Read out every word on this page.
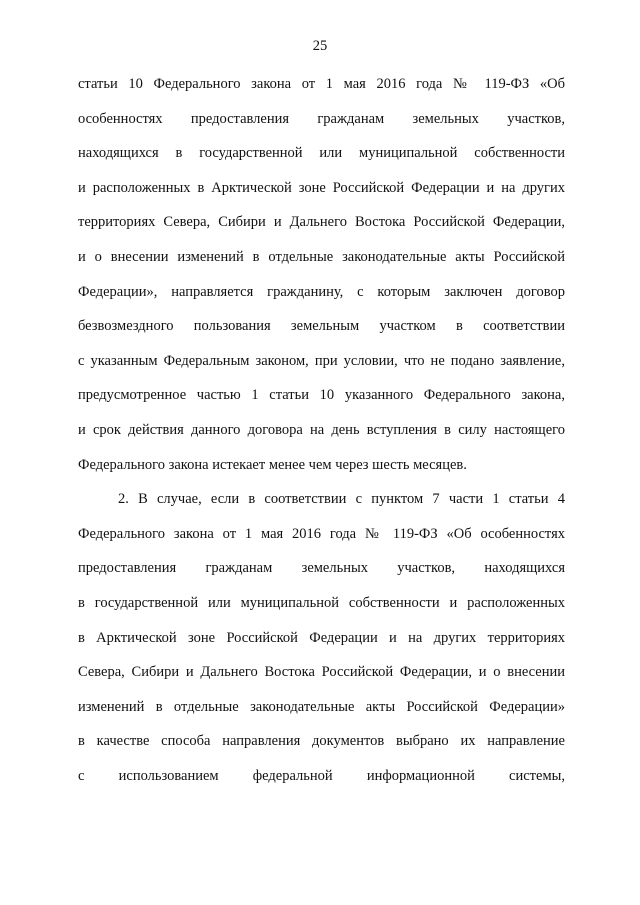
25
статьи 10 Федерального закона от 1 мая 2016 года № 119-ФЗ «Об
особенностях предоставления гражданам земельных участков,
находящихся в государственной или муниципальной собственности
и расположенных в Арктической зоне Российской Федерации и на других
территориях Севера, Сибири и Дальнего Востока Российской Федерации,
и о внесении изменений в отдельные законодательные акты Российской
Федерации», направляется гражданину, с которым заключен договор
безвозмездного пользования земельным участком в соответствии
с указанным Федеральным законом, при условии, что не подано заявление,
предусмотренное частью 1 статьи 10 указанного Федерального закона,
и срок действия данного договора на день вступления в силу настоящего
Федерального закона истекает менее чем через шесть месяцев.
2. В случае, если в соответствии с пунктом 7 части 1 статьи 4
Федерального закона от 1 мая 2016 года № 119-ФЗ «Об особенностях
предоставления гражданам земельных участков, находящихся
в государственной или муниципальной собственности и расположенных
в Арктической зоне Российской Федерации и на других территориях
Севера, Сибири и Дальнего Востока Российской Федерации, и о внесении
изменений в отдельные законодательные акты Российской Федерации»
в качестве способа направления документов выбрано их направление
с использованием федеральной информационной системы,
